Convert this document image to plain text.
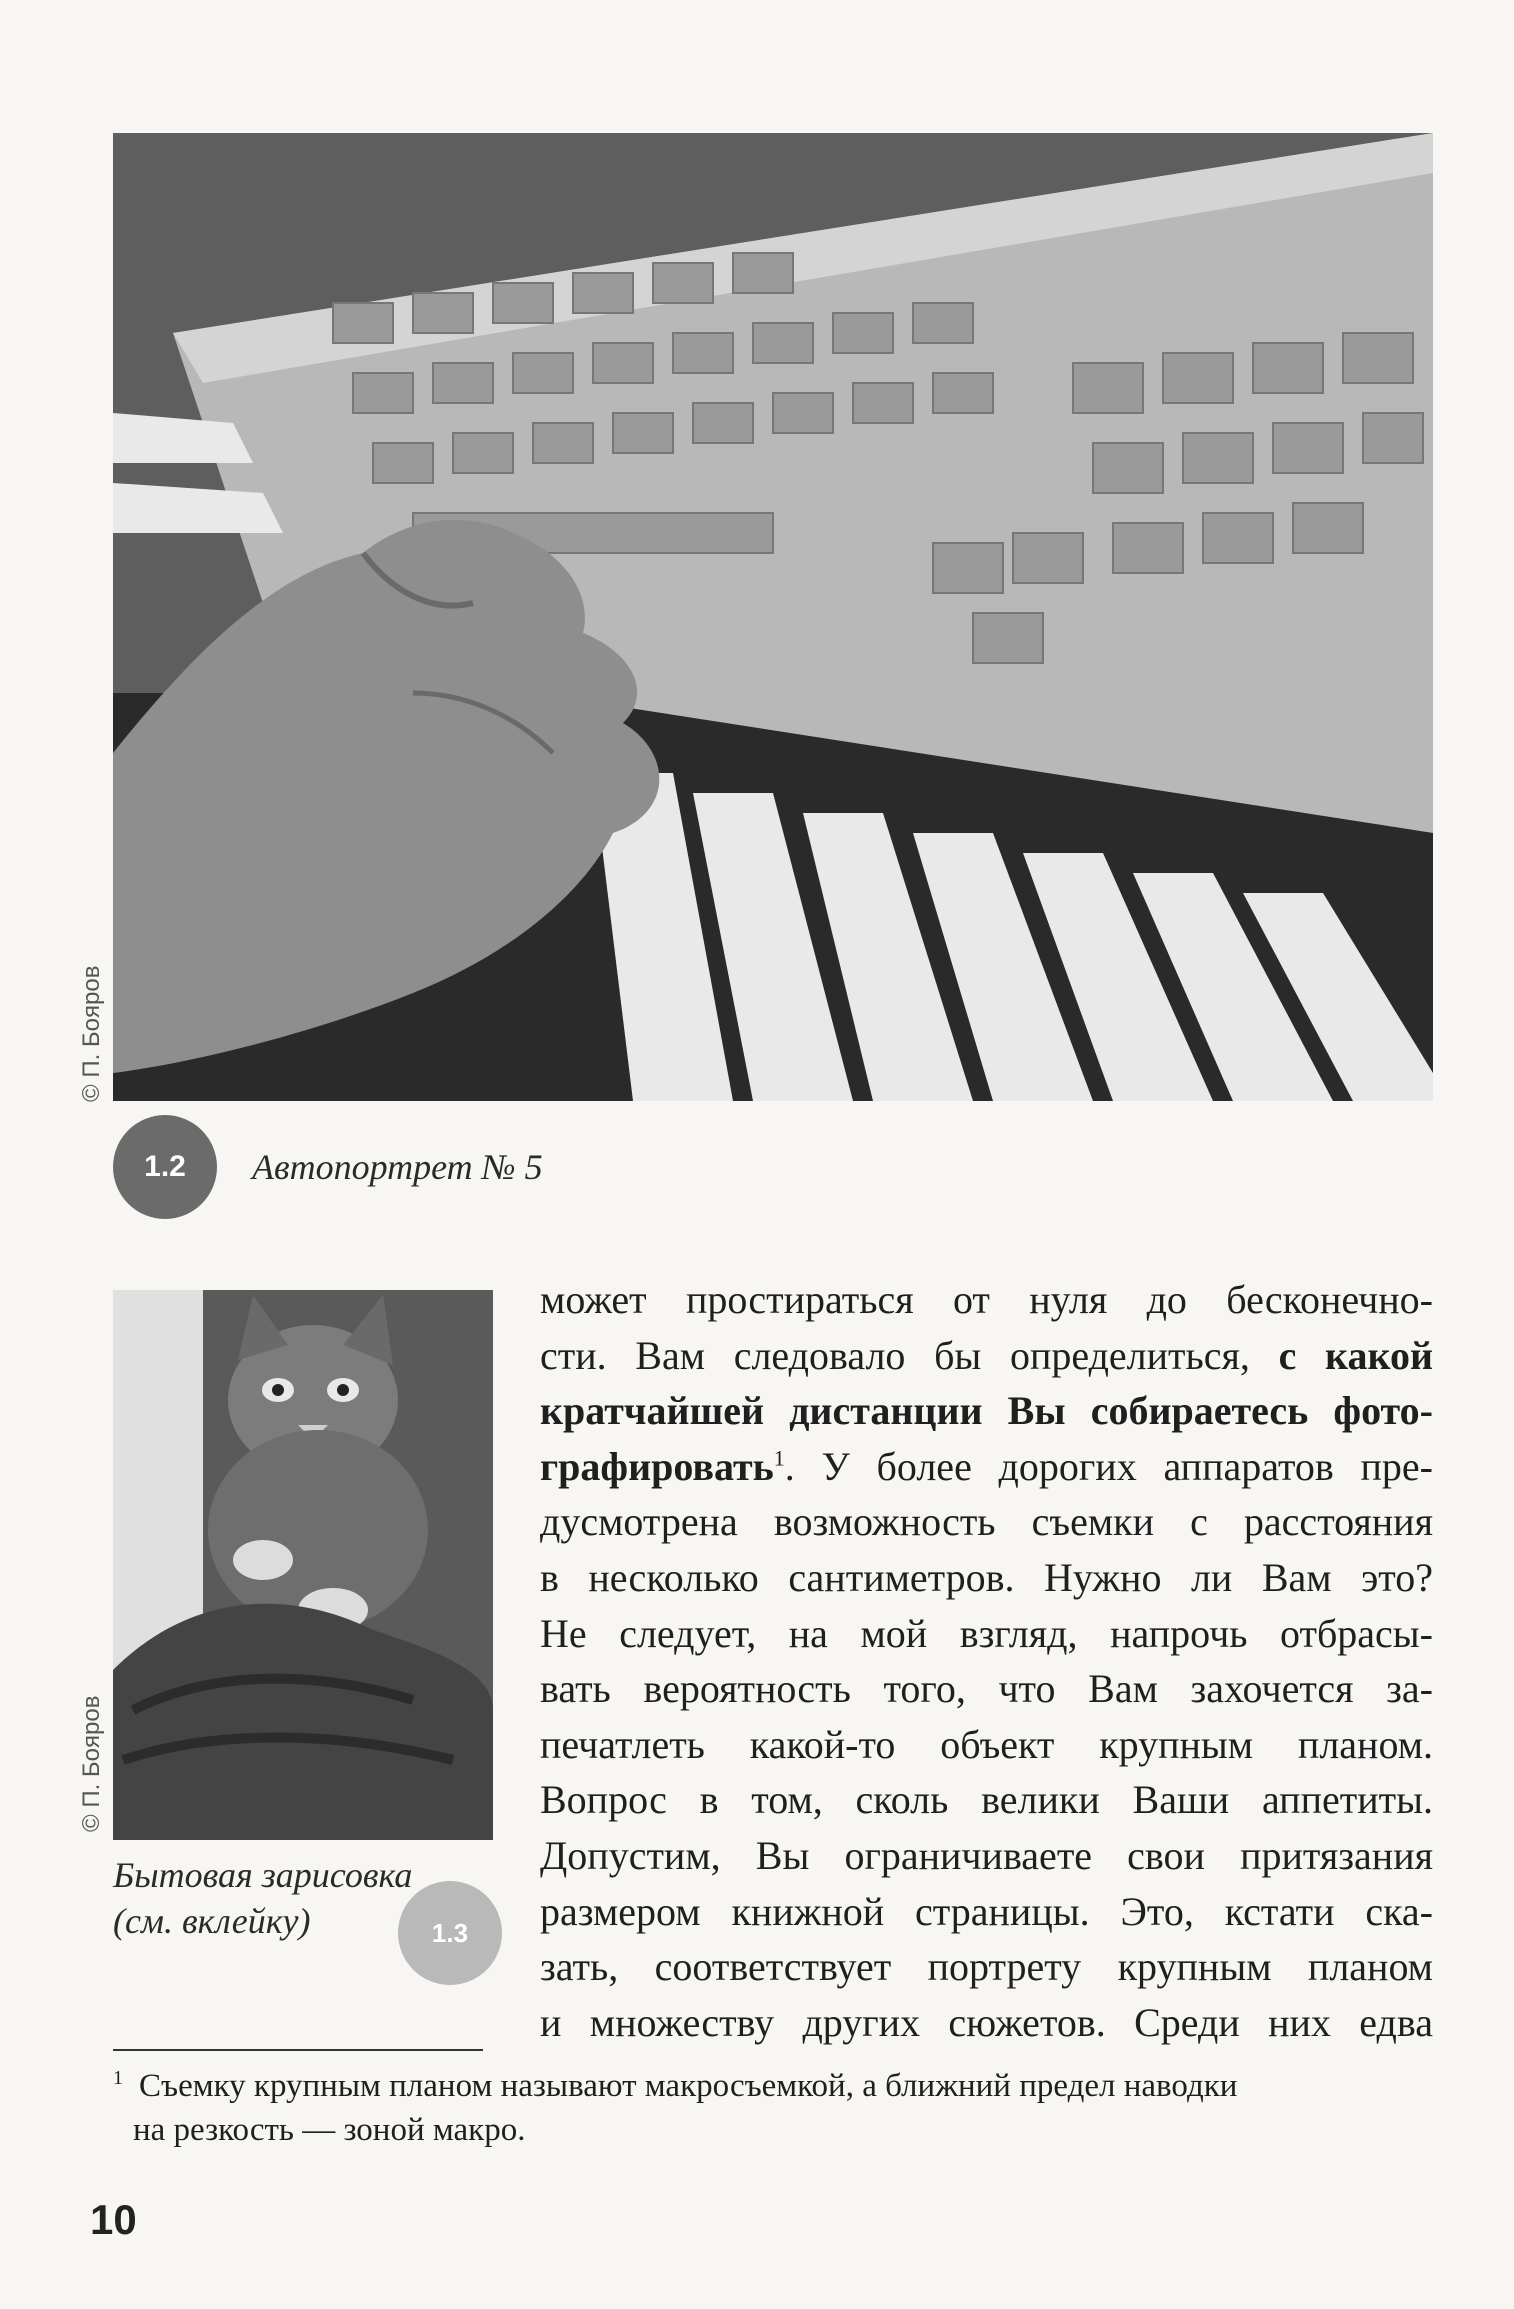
© П. Бояров
1.2	Автопортрет № 5
© П. Бояров
Бытовая зарисовка
(см. вклейку)	1.3
может простираться от нуля до бесконечно-
сти. Вам следовало бы определиться, с какой
кратчайшей дистанции Вы собираетесь фото-
графировать$^1$. У более дорогих аппаратов пре-
дусмотрена возможность съемки с расстояния
в несколько сантиметров. Нужно ли Вам это?
Не следует, на мой взгляд, напрочь отбрасы-
вать вероятность того, что Вам захочется за-
печатлеть какой-то объект крупным планом.
Вопрос в том, сколь велики Ваши аппетиты.
Допустим, Вы ограничиваете свои притязания
размером книжной страницы. Это, кстати ска-
зать, соответствует портрету крупным планом
и множеству других сюжетов. Среди них едва
$^1$ Съемку крупным планом называют макросъемкой, а ближний предел наводки
на резкость — зоной макро.
10
